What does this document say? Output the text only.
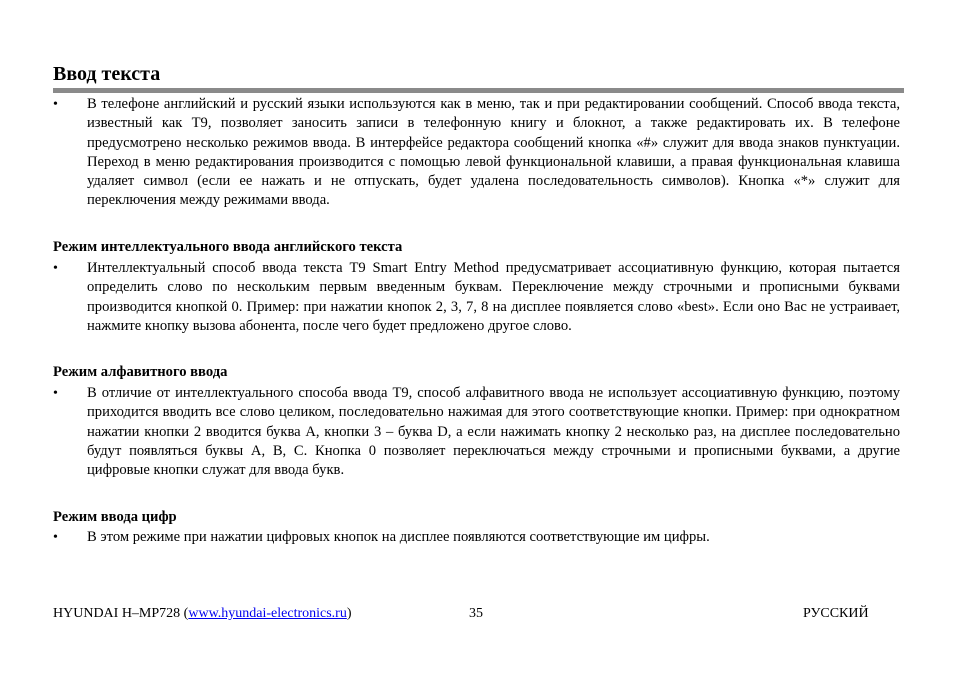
Ввод текста
•	В телефоне английский и русский языки используются как в меню, так и при редактировании сообщений. Способ ввода текста, известный как Т9, позволяет заносить записи в телефонную книгу и блокнот, а также редактировать их. В телефоне предусмотрено несколько режимов ввода. В интерфейсе редактора сообщений кнопка «#» служит для ввода знаков пунктуации. Переход в меню редактирования производится с помощью левой функциональной клавиши, а правая функциональная клавиша удаляет символ (если ее нажать и не отпускать, будет удалена последовательность символов). Кнопка «*» служит для переключения между режимами ввода.
Режим интеллектуального ввода английского текста
•	Интеллектуальный способ ввода текста T9 Smart Entry Method предусматривает ассоциативную функцию, которая пытается определить слово по нескольким первым введенным буквам. Переключение между строчными и прописными буквами производится кнопкой 0. Пример: при нажатии кнопок 2, 3, 7, 8 на дисплее появляется слово «best». Если оно Вас не устраивает, нажмите кнопку вызова абонента, после чего будет предложено другое слово.
Режим алфавитного ввода
•	В отличие от интеллектуального способа ввода Т9, способ алфавитного ввода не использует ассоциативную функцию, поэтому приходится вводить все слово целиком, последовательно нажимая для этого соответствующие кнопки. Пример: при однократном нажатии кнопки 2 вводится буква А, кнопки 3 – буква D, а если нажимать кнопку 2 несколько раз, на дисплее последовательно будут появляться буквы А, В, С. Кнопка 0 позволяет переключаться между строчными и прописными буквами, а другие цифровые кнопки служат для ввода букв.
Режим ввода цифр
•	В этом режиме при нажатии цифровых кнопок на дисплее появляются соответствующие им цифры.
HYUNDAI H–MP728 (www.hyundai-electronics.ru)	35	РУССКИЙ
